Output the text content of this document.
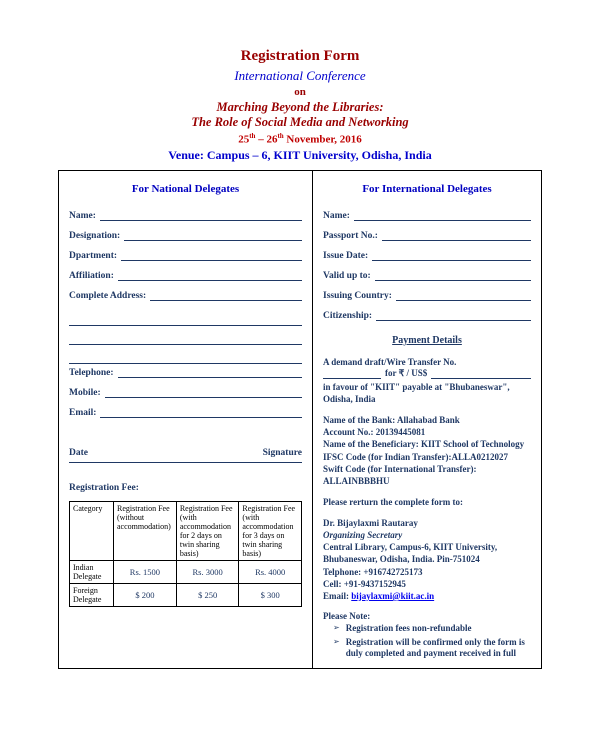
Registration Form
International Conference
on
Marching Beyond the Libraries:
The Role of Social Media and Networking
25th – 26th November, 2016
Venue: Campus – 6, KIIT University, Odisha, India
For National Delegates
Name:
Designation:
Dpartment:
Affiliation:
Complete Address:
Telephone:
Mobile:
Email:
Date	Signature
Registration Fee:
Category	Registration Fee (without accommodation)	Registration Fee (with accommodation for 2 days on twin sharing basis)	Registration Fee (with accommodation for 3 days on twin sharing basis)
Indian Delegate	Rs. 1500	Rs. 3000	Rs. 4000
Foreign Delegate	$ 200	$ 250	$ 300
For International Delegates
Name:
Passport No.:
Issue Date:
Valid up to:
Issuing Country:
Citizenship:
Payment Details
A demand draft/Wire Transfer No.
for ₹ / US$
in favour of "KIIT" payable at "Bhubaneswar", Odisha, India
Name of the Bank: Allahabad Bank
Account No.: 20139445081
Name of the Beneficiary: KIIT School of Technology
IFSC Code (for Indian Transfer):ALLA0212027
Swift Code (for International Transfer): ALLAINBBBHU
Please rerturn the complete form to:
Dr. Bijaylaxmi Rautaray
Organizing Secretary
Central Library, Campus-6, KIIT University, Bhubaneswar, Odisha, India. Pin-751024
Telphone: +916742725173
Cell: +91-9437152945
Email: bijaylaxmi@kiit.ac.in
Please Note:
➢ Registration fees non-refundable
➢ Registration will be confirmed only the form is duly completed and payment received in full
